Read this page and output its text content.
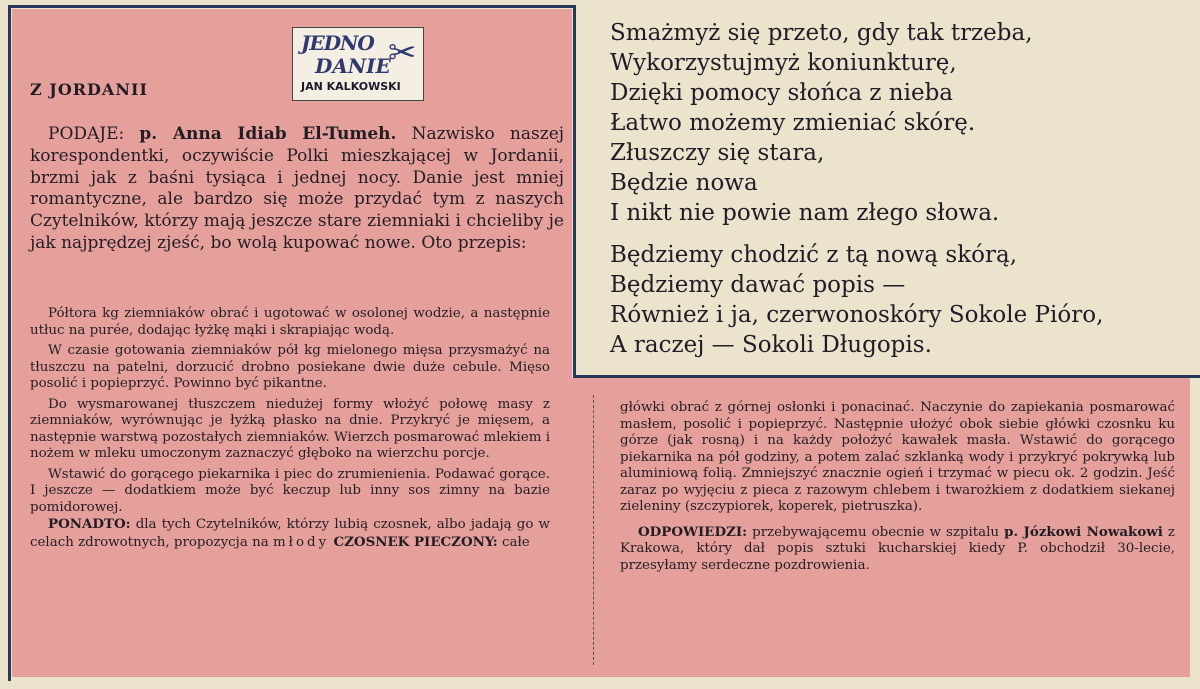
JEDNO
DANIE
✂
JAN KALKOWSKI
Z JORDANII

PODAJE: p. Anna Idiab El-Tumeh. Nazwisko naszej korespondentki, oczywiście Polki mieszkającej w Jordanii, brzmi jak z baśni tysiąca i jednej nocy. Danie jest mniej romantyczne, ale bardzo się może przydać tym z naszych Czytelników, którzy mają jeszcze stare ziemniaki i chcieliby je jak najprędzej zjeść, bo wolą kupować nowe. Oto przepis:

Półtora kg ziemniaków obrać i ugotować w osolonej wodzie, a następnie utłuc na purée, dodając łyżkę mąki i skrapiając wodą.

W czasie gotowania ziemniaków pół kg mielonego mięsa przysmażyć na tłuszczu na patelni, dorzucić drobno posiekane dwie duże cebule. Mięso posolić i popieprzyć. Powinno być pikantne.

Do wysmarowanej tłuszczem niedużej formy włożyć połowę masy z ziemniaków, wyrównując je łyżką płasko na dnie. Przykryć je mięsem, a następnie warstwą pozostałych ziemniaków. Wierzch posmarować mlekiem i nożem w mleku umoczonym zaznaczyć głęboko na wierzchu porcje.

Wstawić do gorącego piekarnika i piec do zrumienienia. Podawać gorące. I jeszcze — dodatkiem może być keczup lub inny sos zimny na bazie pomidorowej.

PONADTO: dla tych Czytelników, którzy lubią czosnek, albo jadają go w celach zdrowotnych, propozycja na młody CZOSNEK PIECZONY: całe

główki obrać z górnej osłonki i ponacinać. Naczynie do zapiekania posmarować masłem, posolić i popieprzyć. Następnie ułożyć obok siebie główki czosnku ku górze (jak rosną) i na każdy położyć kawałek masła. Wstawić do gorącego piekarnika na pół godziny, a potem zalać szklanką wody i przykryć pokrywką lub aluminiową folią. Zmniejszyć znacznie ogień i trzymać w piecu ok. 2 godzin. Jeść zaraz po wyjęciu z pieca z razowym chlebem i twarożkiem z dodatkiem siekanej zieleniny (szczypiorek, koperek, pietruszka).

ODPOWIEDZI: przebywającemu obecnie w szpitalu p. Józkowi Nowakowi z Krakowa, który dał popis sztuki kucharskiej kiedy P. obchodził 30-lecie, przesyłamy serdeczne pozdrowienia.

Smażmyż się przeto, gdy tak trzeba,
Wykorzystujmyż koniunkturę,
Dzięki pomocy słońca z nieba
Łatwo możemy zmieniać skórę.
Złuszczy się stara,
Będzie nowa
I nikt nie powie nam złego słowa.
Będziemy chodzić z tą nową skórą,
Będziemy dawać popis —
Również i ja, czerwonoskóry Sokole Pióro,
A raczej — Sokoli Długopis.
